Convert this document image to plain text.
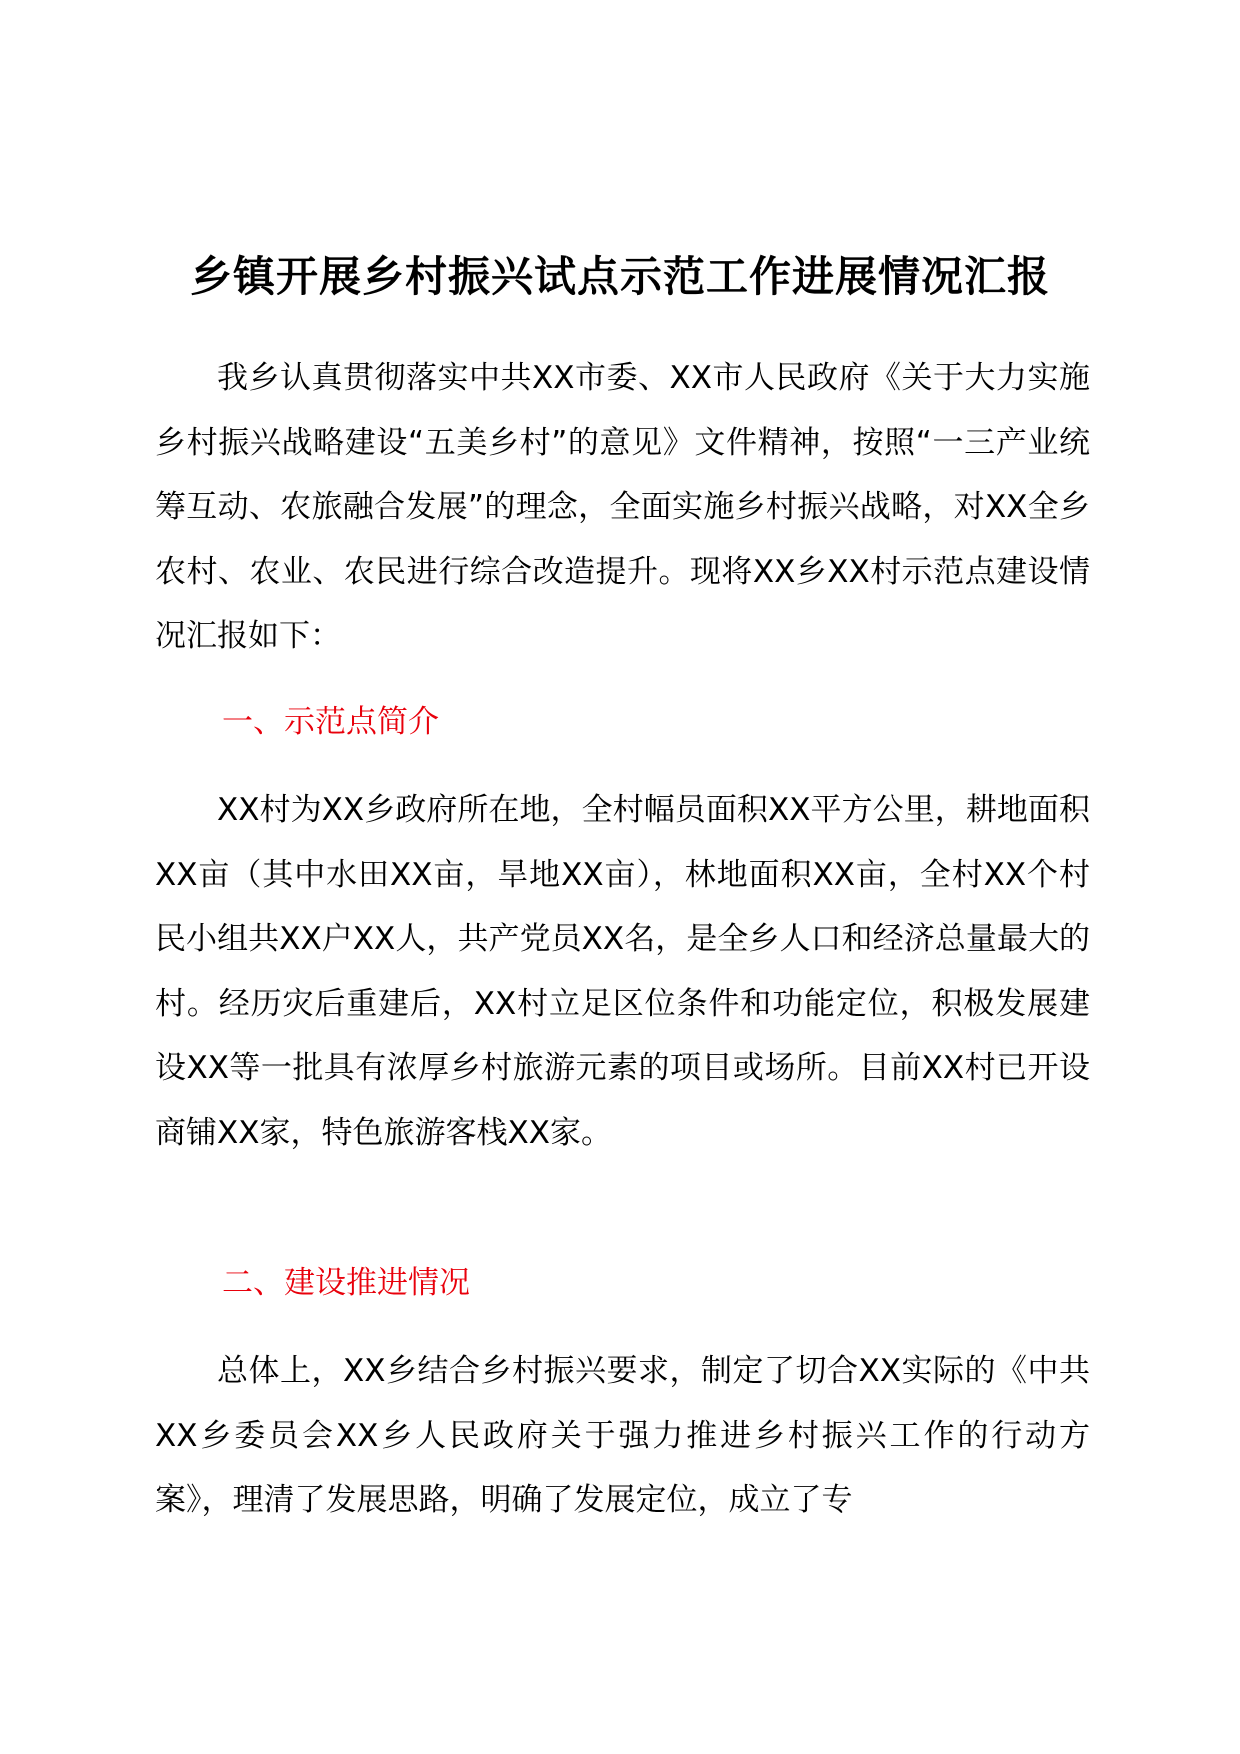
乡镇开展乡村振兴试点示范工作进展情况汇报

我乡认真贯彻落实中共XX市委、XX市人民政府《关于大力实施乡村振兴战略建设“五美乡村”的意见》文件精神，按照“一三产业统筹互动、农旅融合发展”的理念，全面实施乡村振兴战略，对XX全乡农村、农业、农民进行综合改造提升。现将XX乡XX村示范点建设情况汇报如下：

一、示范点简介

XX村为XX乡政府所在地，全村幅员面积XX平方公里，耕地面积XX亩（其中水田XX亩，旱地XX亩），林地面积XX亩，全村XX个村民小组共XX户XX人，共产党员XX名，是全乡人口和经济总量最大的村。经历灾后重建后，XX村立足区位条件和功能定位，积极发展建设XX等一批具有浓厚乡村旅游元素的项目或场所。目前XX村已开设商铺XX家，特色旅游客栈XX家。

二、建设推进情况

总体上，XX乡结合乡村振兴要求，制定了切合XX实际的《中共XX乡委员会XX乡人民政府关于强力推进乡村振兴工作的行动方案》，理清了发展思路，明确了发展定位，成立了专
